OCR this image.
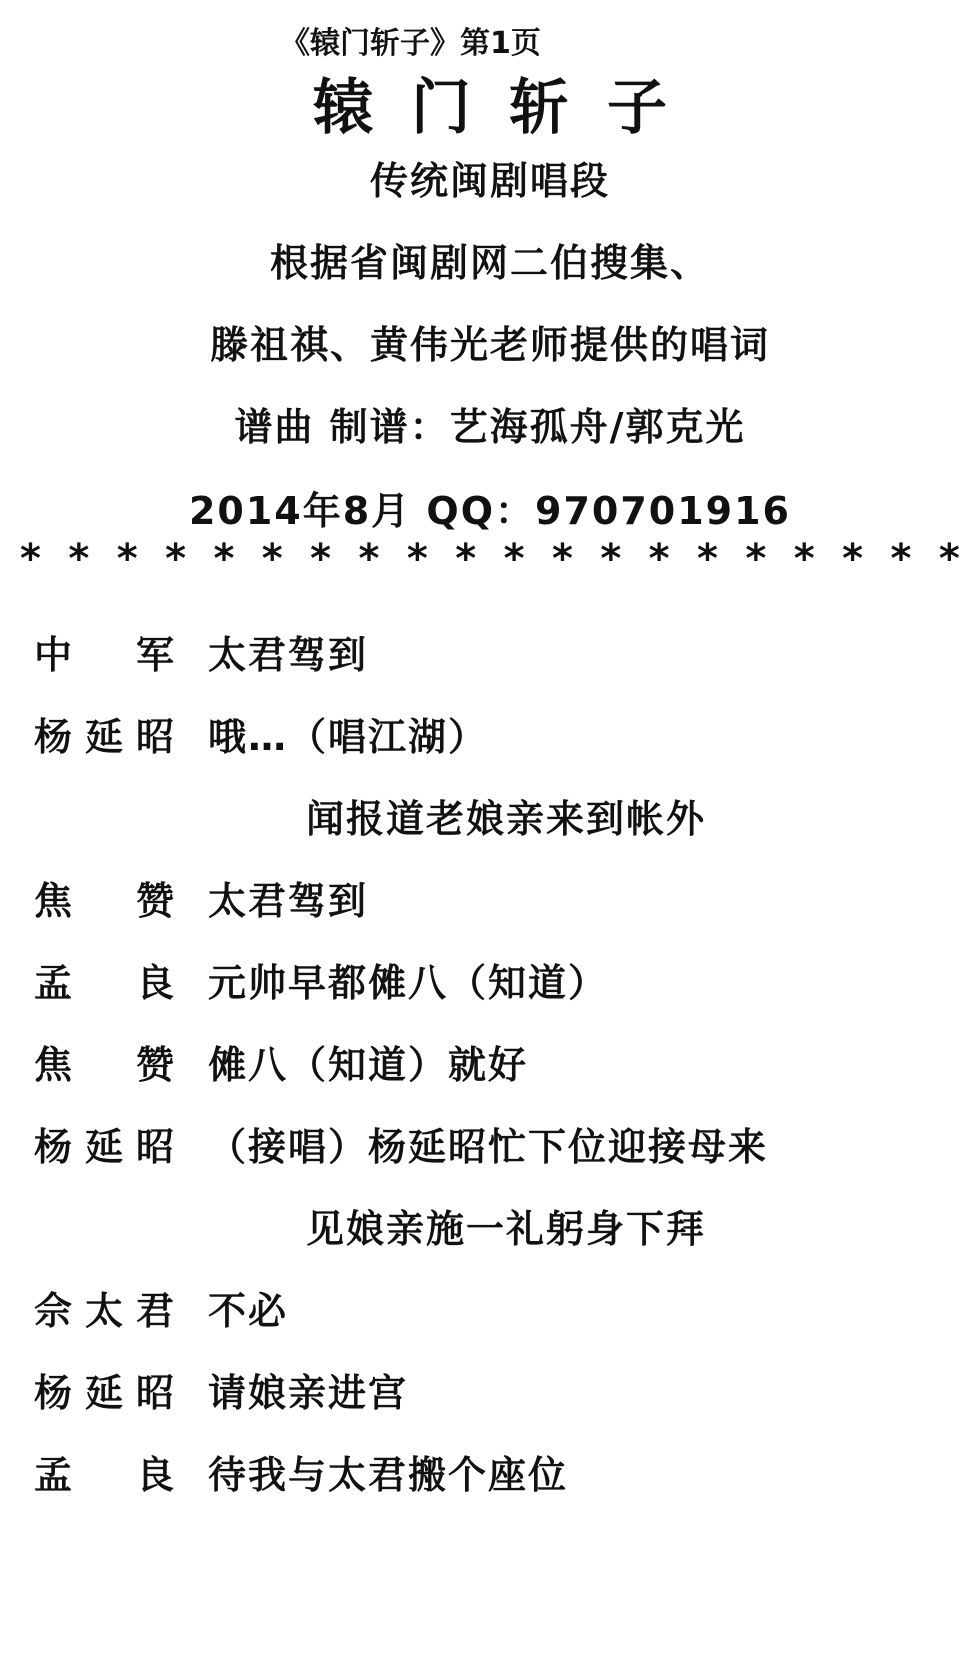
《辕门斩子》第1页
辕门斩子
传统闽剧唱段
根据省闽剧网二伯搜集、
滕祖祺、黄伟光老师提供的唱词
谱曲 制谱：艺海孤舟/郭克光
2014年8月 QQ：970701916
* * * * * * * * * * * * * * * * * * * *
中 军 太君驾到
杨 延 昭 哦…（唱江湖）
闻报道老娘亲来到帐外
焦 赞 太君驾到
孟 良 元帅早都傩八（知道）
焦 赞 傩八（知道）就好
杨 延 昭 （接唱）杨延昭忙下位迎接母来
见娘亲施一礼躬身下拜
佘 太 君 不必
杨 延 昭 请娘亲进宫
孟 良 待我与太君搬个座位
